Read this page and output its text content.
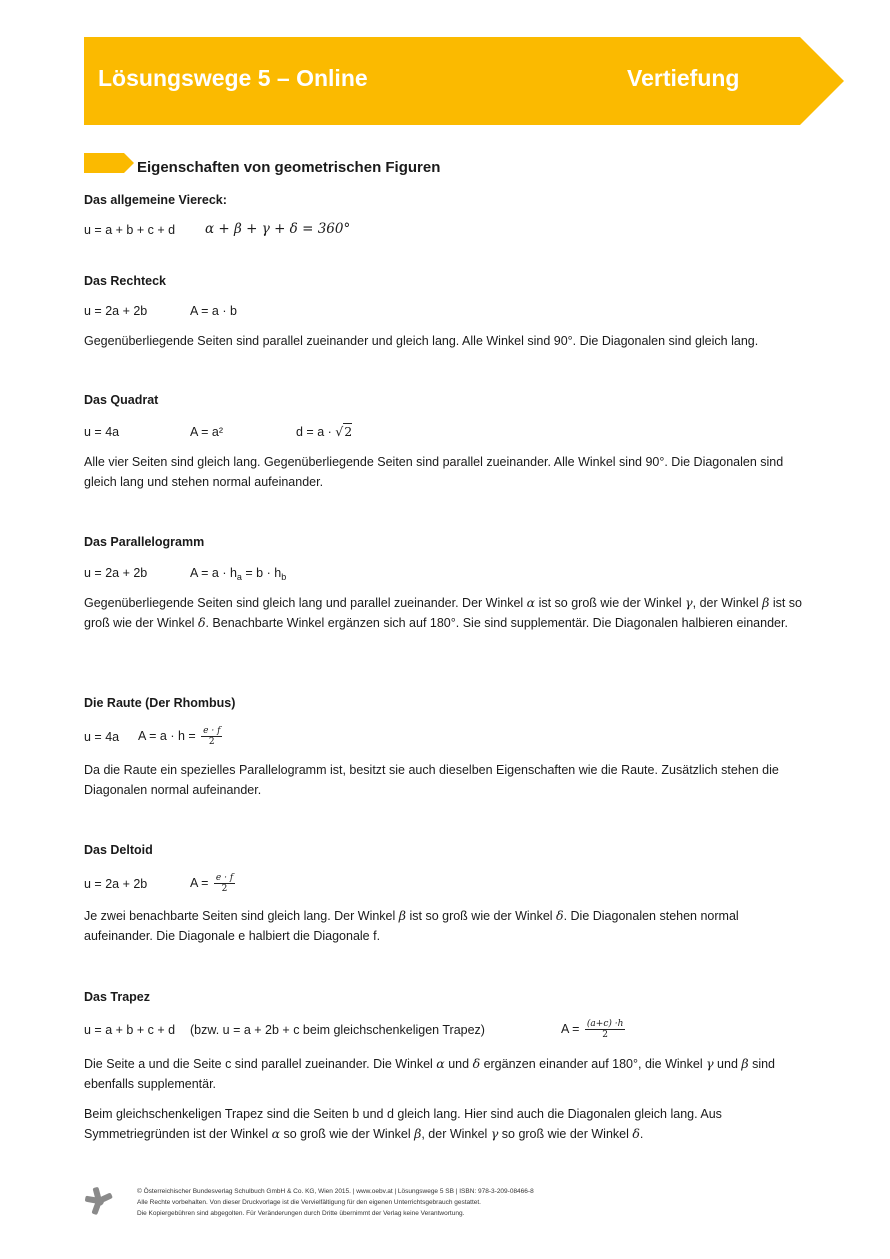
Lösungswege 5 – Online	Vertiefung
Eigenschaften von geometrischen Figuren
Das allgemeine Viereck:
u = a + b + c + d α + β + γ + δ = 360°
Das Rechteck
u = 2a + 2b	A = a · b
Gegenüberliegende Seiten sind parallel zueinander und gleich lang. Alle Winkel sind 90°. Die Diagonalen sind gleich lang.
Das Quadrat
u = 4a	A = a²	d = a · √2
Alle vier Seiten sind gleich lang. Gegenüberliegende Seiten sind parallel zueinander. Alle Winkel sind 90°. Die Diagonalen sind gleich lang und stehen normal aufeinander.
Das Parallelogramm
u = 2a + 2b	$A = a \cdot h_a = b \cdot h_b$
Gegenüberliegende Seiten sind gleich lang und parallel zueinander. Der Winkel α ist so groß wie der Winkel γ, der Winkel β ist so groß wie der Winkel δ. Benachbarte Winkel ergänzen sich auf 180°. Sie sind supplementär. Die Diagonalen halbieren einander.
Die Raute (Der Rhombus)
u = 4a $A = a \cdot h = \frac{e \cdot f}{2}$
Da die Raute ein spezielles Parallelogramm ist, besitzt sie auch dieselben Eigenschaften wie die Raute. Zusätzlich stehen die Diagonalen normal aufeinander.
Das Deltoid
u = 2a + 2b	$A = \frac{e \cdot f}{2}$
Je zwei benachbarte Seiten sind gleich lang. Der Winkel β ist so groß wie der Winkel δ. Die Diagonalen stehen normal aufeinander. Die Diagonale e halbiert die Diagonale f.
Das Trapez
u = a + b + c + d (bzw. u = a + 2b + c beim gleichschenkeligen Trapez)	$A = \frac{(a+c) \cdot h}{2}$
Die Seite a und die Seite c sind parallel zueinander. Die Winkel α und δ ergänzen einander auf 180°, die Winkel γ und β sind ebenfalls supplementär.
Beim gleichschenkeligen Trapez sind die Seiten b und d gleich lang. Hier sind auch die Diagonalen gleich lang. Aus Symmetriegründen ist der Winkel α so groß wie der Winkel β, der Winkel γ so groß wie der Winkel δ.
© Österreichischer Bundesverlag Schulbuch GmbH & Co. KG, Wien 2015. | www.oebv.at | Lösungswege 5 SB | ISBN: 978-3-209-08466-8
Alle Rechte vorbehalten. Von dieser Druckvorlage ist die Vervielfältigung für den eigenen Unterrichtsgebrauch gestattet.
Die Kopiergebühren sind abgegolten. Für Veränderungen durch Dritte übernimmt der Verlag keine Verantwortung.
